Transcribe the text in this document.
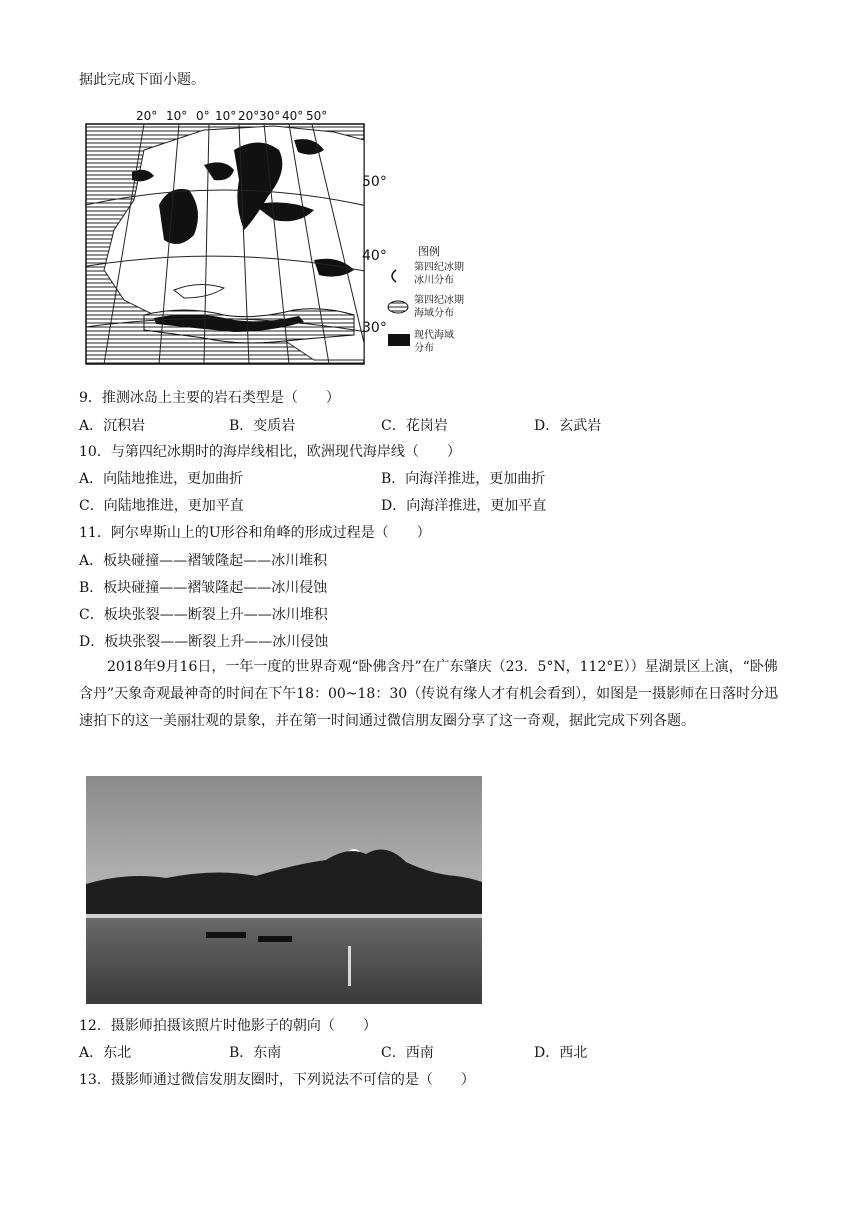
据此完成下面小题。
20° 10° 0° 10° 20° 30° 40° 50°
50°
40°
30°
图例
第四纪冰期
冰川分布
第四纪冰期
海域分布
现代海域
分布
9．推测冰岛上主要的岩石类型是（　　）
A．沉积岩	B．变质岩	C．花岗岩	D．玄武岩
10．与第四纪冰期时的海岸线相比，欧洲现代海岸线（　　）
A．向陆地推进，更加曲折	B．向海洋推进，更加曲折
C．向陆地推进，更加平直	D．向海洋推进，更加平直
11．阿尔卑斯山上的U形谷和角峰的形成过程是（　　）
A．板块碰撞——褶皱隆起——冰川堆积
B．板块碰撞——褶皱隆起——冰川侵蚀
C．板块张裂——断裂上升——冰川堆积
D．板块张裂——断裂上升——冰川侵蚀
2018年9月16日，一年一度的世界奇观“卧佛含丹”在广东肇庆（23．5°N，112°E））星湖景区上演，“卧佛含丹”天象奇观最神奇的时间在下午18：00~18：30（传说有缘人才有机会看到），如图是一摄影师在日落时分迅速拍下的这一美丽壮观的景象，并在第一时间通过微信朋友圈分享了这一奇观，据此完成下列各题。
12．摄影师拍摄该照片时他影子的朝向（　　）
A．东北	B．东南	C．西南	D．西北
13．摄影师通过微信发朋友圈时，下列说法不可信的是（　　）
